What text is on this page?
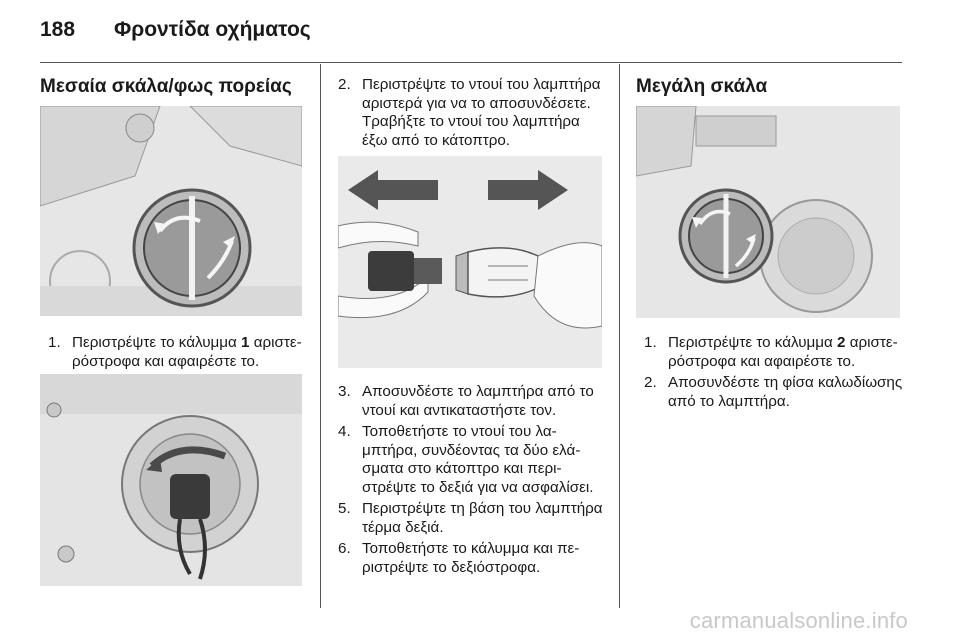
188	Φροντίδα οχήματος
Μεσαία σκάλα/φως πορείας
1. Περιστρέψτε το κάλυμμα 1 αριστερόστροφα και αφαιρέστε το.
2. Περιστρέψτε το ντουί του λαμπτήρα αριστερά για να το αποσυνδέσετε. Τραβήξτε το ντουί του λαμπτήρα έξω από το κάτοπτρο.
3. Αποσυνδέστε το λαμπτήρα από το ντουί και αντικαταστήστε τον.
4. Τοποθετήστε το ντουί του λαμπτήρα, συνδέοντας τα δύο ελάσματα στο κάτοπτρο και περιστρέψτε το δεξιά για να ασφαλίσει.
5. Περιστρέψτε τη βάση του λαμπτήρα τέρμα δεξιά.
6. Τοποθετήστε το κάλυμμα και περιστρέψτε το δεξιόστροφα.
Μεγάλη σκάλα
1. Περιστρέψτε το κάλυμμα 2 αριστερόστροφα και αφαιρέστε το.
2. Αποσυνδέστε τη φίσα καλωδίωσης από το λαμπτήρα.
carmanualsonline.info
